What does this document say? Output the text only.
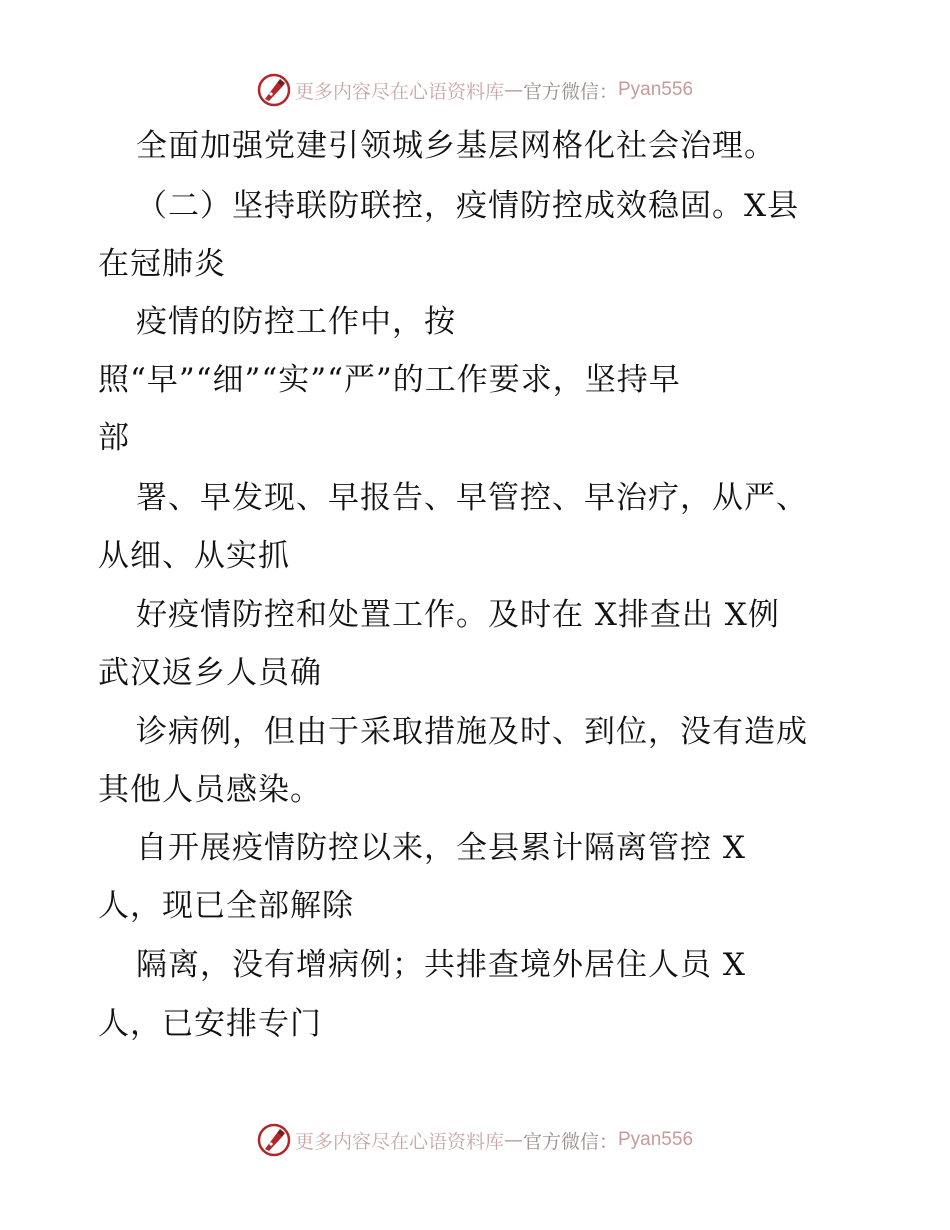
更多内容尽在心语资料库 — 官方微信： Pyan556
全面加强党建引领城乡基层网格化社会治理。
（二）坚持联防联控，疫情防控成效稳固。X县
在冠肺炎
疫情的防控工作中，按
照“早”“细”“实”“严”的工作要求，坚持早
部
署、早发现、早报告、早管控、早治疗，从严、
从细、从实抓
好疫情防控和处置工作。及时在 X排查出 X例
武汉返乡人员确
诊病例，但由于采取措施及时、到位，没有造成
其他人员感染。
自开展疫情防控以来，全县累计隔离管控 X
人，现已全部解除
隔离，没有增病例；共排查境外居住人员 X
人，已安排专门
更多内容尽在心语资料库 — 官方微信： Pyan556
